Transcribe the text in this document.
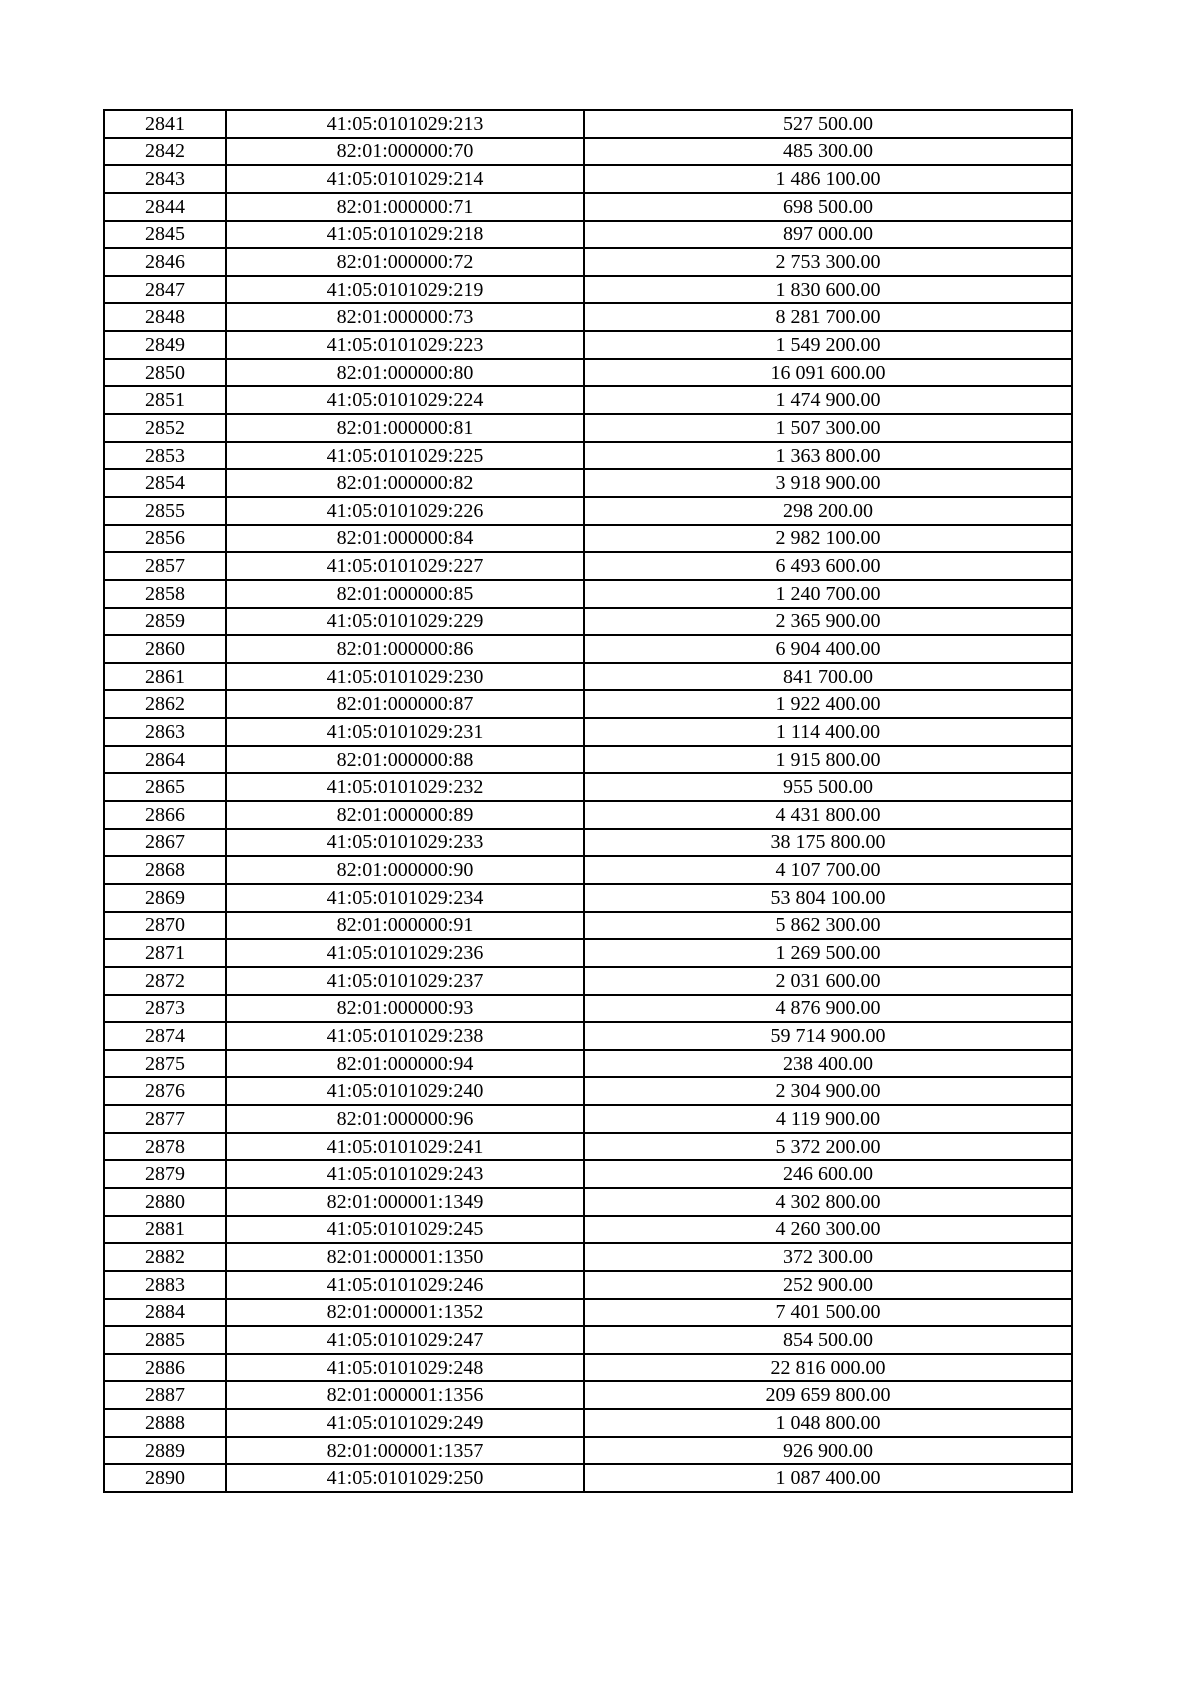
2841	41:05:0101029:213	527 500.00
2842	82:01:000000:70	485 300.00
2843	41:05:0101029:214	1 486 100.00
2844	82:01:000000:71	698 500.00
2845	41:05:0101029:218	897 000.00
2846	82:01:000000:72	2 753 300.00
2847	41:05:0101029:219	1 830 600.00
2848	82:01:000000:73	8 281 700.00
2849	41:05:0101029:223	1 549 200.00
2850	82:01:000000:80	16 091 600.00
2851	41:05:0101029:224	1 474 900.00
2852	82:01:000000:81	1 507 300.00
2853	41:05:0101029:225	1 363 800.00
2854	82:01:000000:82	3 918 900.00
2855	41:05:0101029:226	298 200.00
2856	82:01:000000:84	2 982 100.00
2857	41:05:0101029:227	6 493 600.00
2858	82:01:000000:85	1 240 700.00
2859	41:05:0101029:229	2 365 900.00
2860	82:01:000000:86	6 904 400.00
2861	41:05:0101029:230	841 700.00
2862	82:01:000000:87	1 922 400.00
2863	41:05:0101029:231	1 114 400.00
2864	82:01:000000:88	1 915 800.00
2865	41:05:0101029:232	955 500.00
2866	82:01:000000:89	4 431 800.00
2867	41:05:0101029:233	38 175 800.00
2868	82:01:000000:90	4 107 700.00
2869	41:05:0101029:234	53 804 100.00
2870	82:01:000000:91	5 862 300.00
2871	41:05:0101029:236	1 269 500.00
2872	41:05:0101029:237	2 031 600.00
2873	82:01:000000:93	4 876 900.00
2874	41:05:0101029:238	59 714 900.00
2875	82:01:000000:94	238 400.00
2876	41:05:0101029:240	2 304 900.00
2877	82:01:000000:96	4 119 900.00
2878	41:05:0101029:241	5 372 200.00
2879	41:05:0101029:243	246 600.00
2880	82:01:000001:1349	4 302 800.00
2881	41:05:0101029:245	4 260 300.00
2882	82:01:000001:1350	372 300.00
2883	41:05:0101029:246	252 900.00
2884	82:01:000001:1352	7 401 500.00
2885	41:05:0101029:247	854 500.00
2886	41:05:0101029:248	22 816 000.00
2887	82:01:000001:1356	209 659 800.00
2888	41:05:0101029:249	1 048 800.00
2889	82:01:000001:1357	926 900.00
2890	41:05:0101029:250	1 087 400.00
